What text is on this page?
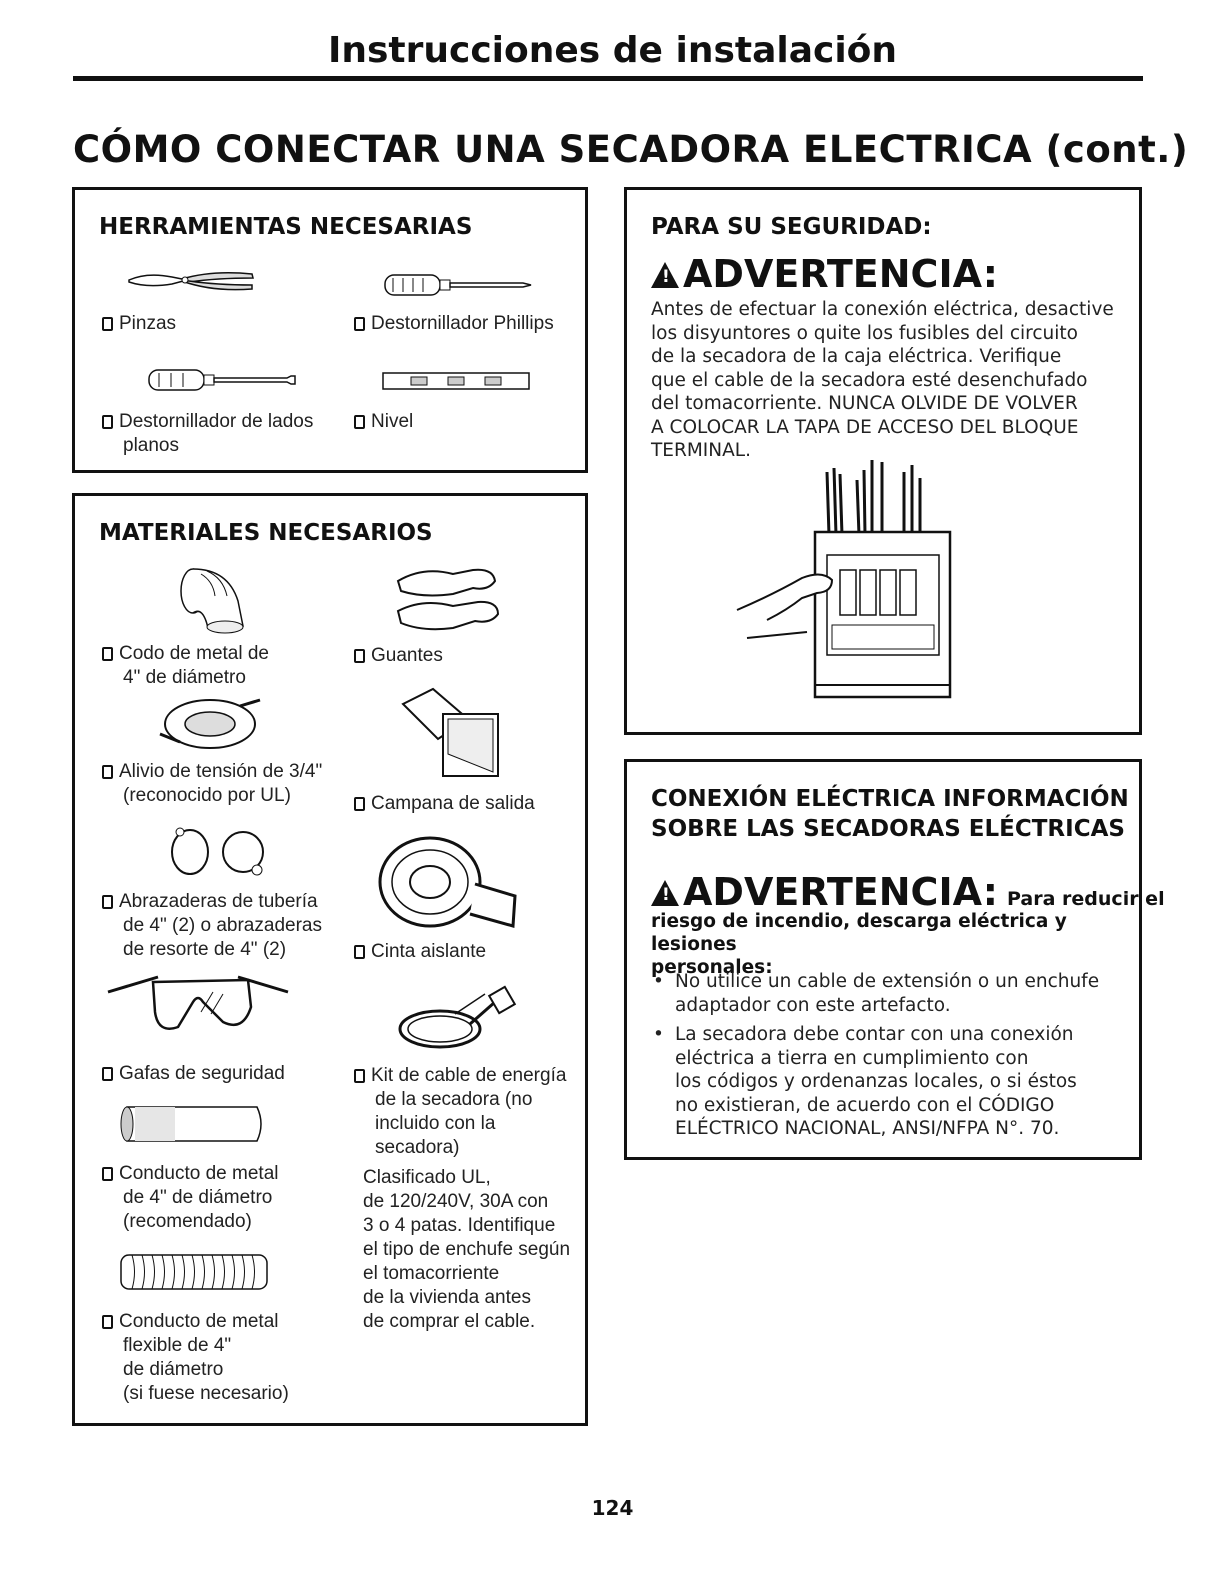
Instrucciones de instalación
CÓMO CONECTAR UNA SECADORA ELECTRICA (cont.)
HERRAMIENTAS NECESARIAS
Pinzas	Destornillador Phillips
Destornillador de lados
planos
Nivel
MATERIALES NECESARIOS
Codo de metal de
4" de diámetro
Alivio de tensión de 3/4"
(reconocido por UL)
Abrazaderas de tubería
de 4" (2) o abrazaderas
de resorte de 4" (2)
Gafas de seguridad
Conducto de metal
de 4" de diámetro
(recomendado)
Conducto de metal
flexible de 4"
de diámetro
(si fuese necesario)
Guantes
Campana de salida
Cinta aislante
Kit de cable de energía
de la secadora (no
incluido con la
secadora)
Clasificado UL,
de 120/240V, 30A con
3 o 4 patas. Identifique
el tipo de enchufe según
el tomacorriente
de la vivienda antes
de comprar el cable.
PARA SU SEGURIDAD:
!ADVERTENCIA:
Antes de efectuar la conexión eléctrica, desactive
los disyuntores o quite los fusibles del circuito
de la secadora de la caja eléctrica. Verifique
que el cable de la secadora esté desenchufado
del tomacorriente. NUNCA OLVIDE DE VOLVER
A COLOCAR LA TAPA DE ACCESO DEL BLOQUE
TERMINAL.
CONEXIÓN ELÉCTRICA INFORMACIÓN
SOBRE LAS SECADORAS ELÉCTRICAS
!ADVERTENCIA: Para reducir el
riesgo de incendio, descarga eléctrica y lesiones
personales:
• No utilice un cable de extensión o un enchufe
adaptador con este artefacto.
• La secadora debe contar con una conexión
eléctrica a tierra en cumplimiento con
los códigos y ordenanzas locales, o si éstos
no existieran, de acuerdo con el CÓDIGO
ELÉCTRICO NACIONAL, ANSI/NFPA N°. 70.
124
